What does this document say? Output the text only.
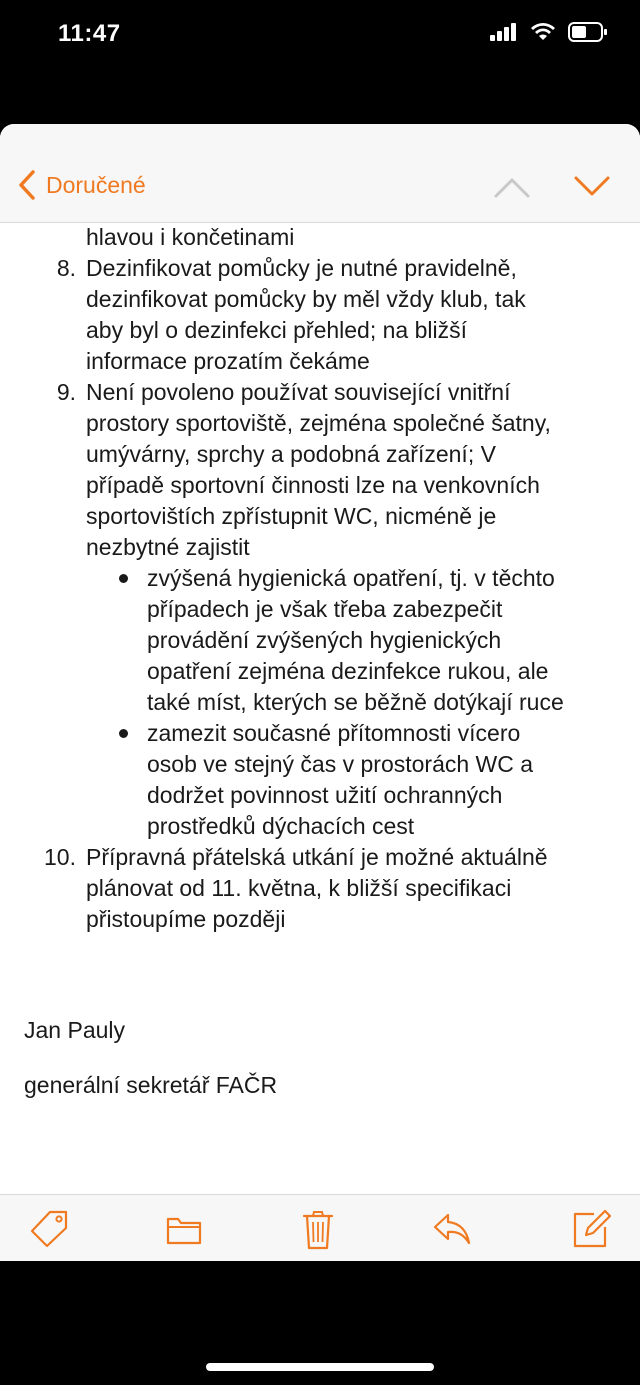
11:47
Doručené
hlavou i končetinami
8. Dezinfikovat pomůcky je nutné pravidelně,
dezinfikovat pomůcky by měl vždy klub, tak
aby byl o dezinfekci přehled; na bližší
informace prozatím čekáme
9. Není povoleno používat související vnitřní
prostory sportoviště, zejména společné šatny,
umývárny, sprchy a podobná zařízení; V
případě sportovní činnosti lze na venkovních
sportovištích zpřístupnit WC, nicméně je
nezbytné zajistit
zvýšená hygienická opatření, tj. v těchto
případech je však třeba zabezpečit
provádění zvýšených hygienických
opatření zejména dezinfekce rukou, ale
také míst, kterých se běžně dotýkají ruce
zamezit současné přítomnosti vícero
osob ve stejný čas v prostorách WC a
dodržet povinnost užití ochranných
prostředků dýchacích cest
10. Přípravná přátelská utkání je možné aktuálně
plánovat od 11. května, k bližší specifikaci
přistoupíme později
Jan Pauly
generální sekretář FAČR
